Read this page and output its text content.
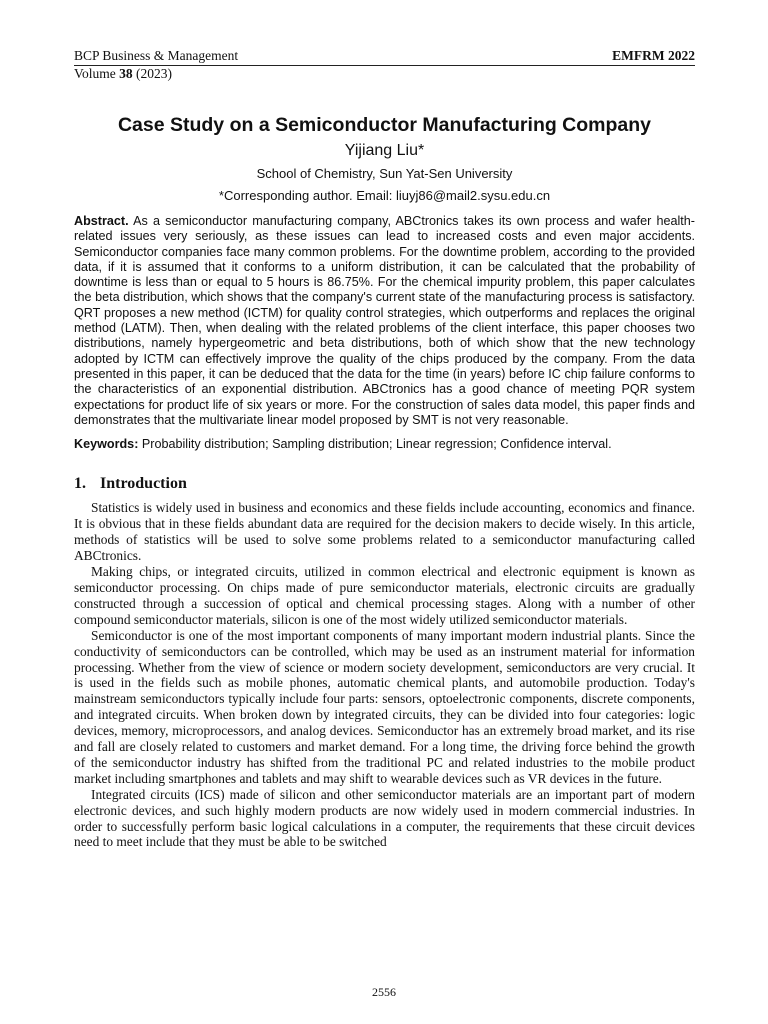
BCP Business & Management	EMFRM 2022
Volume 38 (2023)
Case Study on a Semiconductor Manufacturing Company
Yijiang Liu*
School of Chemistry, Sun Yat-Sen University
*Corresponding author. Email: liuyj86@mail2.sysu.edu.cn
Abstract. As a semiconductor manufacturing company, ABCtronics takes its own process and wafer health-related issues very seriously, as these issues can lead to increased costs and even major accidents. Semiconductor companies face many common problems. For the downtime problem, according to the provided data, if it is assumed that it conforms to a uniform distribution, it can be calculated that the probability of downtime is less than or equal to 5 hours is 86.75%. For the chemical impurity problem, this paper calculates the beta distribution, which shows that the company's current state of the manufacturing process is satisfactory. QRT proposes a new method (ICTM) for quality control strategies, which outperforms and replaces the original method (LATM). Then, when dealing with the related problems of the client interface, this paper chooses two distributions, namely hypergeometric and beta distributions, both of which show that the new technology adopted by ICTM can effectively improve the quality of the chips produced by the company. From the data presented in this paper, it can be deduced that the data for the time (in years) before IC chip failure conforms to the characteristics of an exponential distribution. ABCtronics has a good chance of meeting PQR system expectations for product life of six years or more. For the construction of sales data model, this paper finds and demonstrates that the multivariate linear model proposed by SMT is not very reasonable.
Keywords: Probability distribution; Sampling distribution; Linear regression; Confidence interval.
1. Introduction

Statistics is widely used in business and economics and these fields include accounting, economics and finance. It is obvious that in these fields abundant data are required for the decision makers to decide wisely. In this article, methods of statistics will be used to solve some problems related to a semiconductor manufacturing called ABCtronics.

Making chips, or integrated circuits, utilized in common electrical and electronic equipment is known as semiconductor processing. On chips made of pure semiconductor materials, electronic circuits are gradually constructed through a succession of optical and chemical processing stages. Along with a number of other compound semiconductor materials, silicon is one of the most widely utilized semiconductor materials.

Semiconductor is one of the most important components of many important modern industrial plants. Since the conductivity of semiconductors can be controlled, which may be used as an instrument material for information processing. Whether from the view of science or modern society development, semiconductors are very crucial. It is used in the fields such as mobile phones, automatic chemical plants, and automobile production. Today's mainstream semiconductors typically include four parts: sensors, optoelectronic components, discrete components, and integrated circuits. When broken down by integrated circuits, they can be divided into four categories: logic devices, memory, microprocessors, and analog devices. Semiconductor has an extremely broad market, and its rise and fall are closely related to customers and market demand. For a long time, the driving force behind the growth of the semiconductor industry has shifted from the traditional PC and related industries to the mobile product market including smartphones and tablets and may shift to wearable devices such as VR devices in the future.

Integrated circuits (ICS) made of silicon and other semiconductor materials are an important part of modern electronic devices, and such highly modern products are now widely used in modern commercial industries. In order to successfully perform basic logical calculations in a computer, the requirements that these circuit devices need to meet include that they must be able to be switched

2556
